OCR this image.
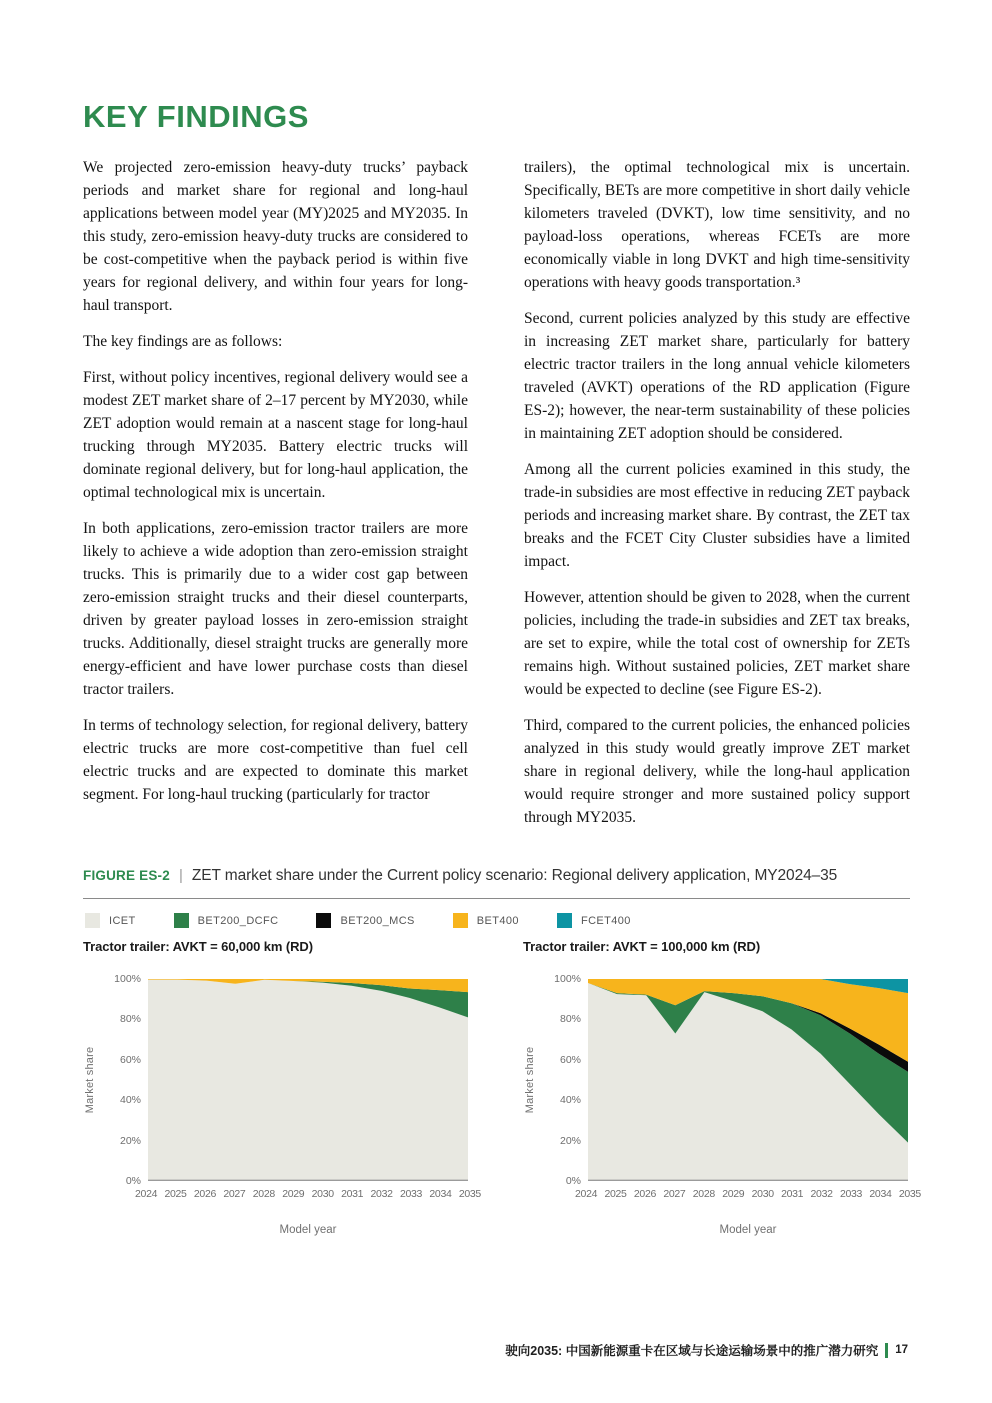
KEY FINDINGS

We projected zero-emission heavy-duty trucks’ payback periods and market share for regional and long-haul applications between model year (MY)2025 and MY2035. In this study, zero-emission heavy-duty trucks are considered to be cost-competitive when the payback period is within five years for regional delivery, and within four years for long-haul transport.

The key findings are as follows:

First, without policy incentives, regional delivery would see a modest ZET market share of 2–17 percent by MY2030, while ZET adoption would remain at a nascent stage for long-haul trucking through MY2035. Battery electric trucks will dominate regional delivery, but for long-haul application, the optimal technological mix is uncertain.

In both applications, zero-emission tractor trailers are more likely to achieve a wide adoption than zero-emission straight trucks. This is primarily due to a wider cost gap between zero-emission straight trucks and their diesel counterparts, driven by greater payload losses in zero-emission straight trucks. Additionally, diesel straight trucks are generally more energy-efficient and have lower purchase costs than diesel tractor trailers.

In terms of technology selection, for regional delivery, battery electric trucks are more cost-competitive than fuel cell electric trucks and are expected to dominate this market segment. For long-haul trucking (particularly for tractor

trailers), the optimal technological mix is uncertain. Specifically, BETs are more competitive in short daily vehicle kilometers traveled (DVKT), low time sensitivity, and no payload-loss operations, whereas FCETs are more economically viable in long DVKT and high time-sensitivity operations with heavy goods transportation.³

Second, current policies analyzed by this study are effective in increasing ZET market share, particularly for battery electric tractor trailers in the long annual vehicle kilometers traveled (AVKT) operations of the RD application (Figure ES-2); however, the near-term sustainability of these policies in maintaining ZET adoption should be considered.

Among all the current policies examined in this study, the trade-in subsidies are most effective in reducing ZET payback periods and increasing market share. By contrast, the ZET tax breaks and the FCET City Cluster subsidies have a limited impact.

However, attention should be given to 2028, when the current policies, including the trade-in subsidies and ZET tax breaks, are set to expire, while the total cost of ownership for ZETs remains high. Without sustained policies, ZET market share would be expected to decline (see Figure ES-2).

Third, compared to the current policies, the enhanced policies analyzed in this study would greatly improve ZET market share in regional delivery, while the long-haul application would require stronger and more sustained policy support through MY2035.

FIGURE ES-2 | ZET market share under the Current policy scenario: Regional delivery application, MY2024–35
ICET	BET200_DCFC	BET200_MCS	BET400	FCET400
Tractor trailer: AVKT = 60,000 km (RD)
Market share
100%
80%
60%
40%
20%
0%
2024 2025 2026 2027 2028 2029 2030 2031 2032 2033 2034 2035
Model year
Tractor trailer: AVKT = 100,000 km (RD)
Market share
100%
80%
60%
40%
20%
0%
2024 2025 2026 2027 2028 2029 2030 2031 2032 2033 2034 2035
Model year
驶向2035: 中国新能源重卡在区域与长途运输场景中的推广潜力研究 17
